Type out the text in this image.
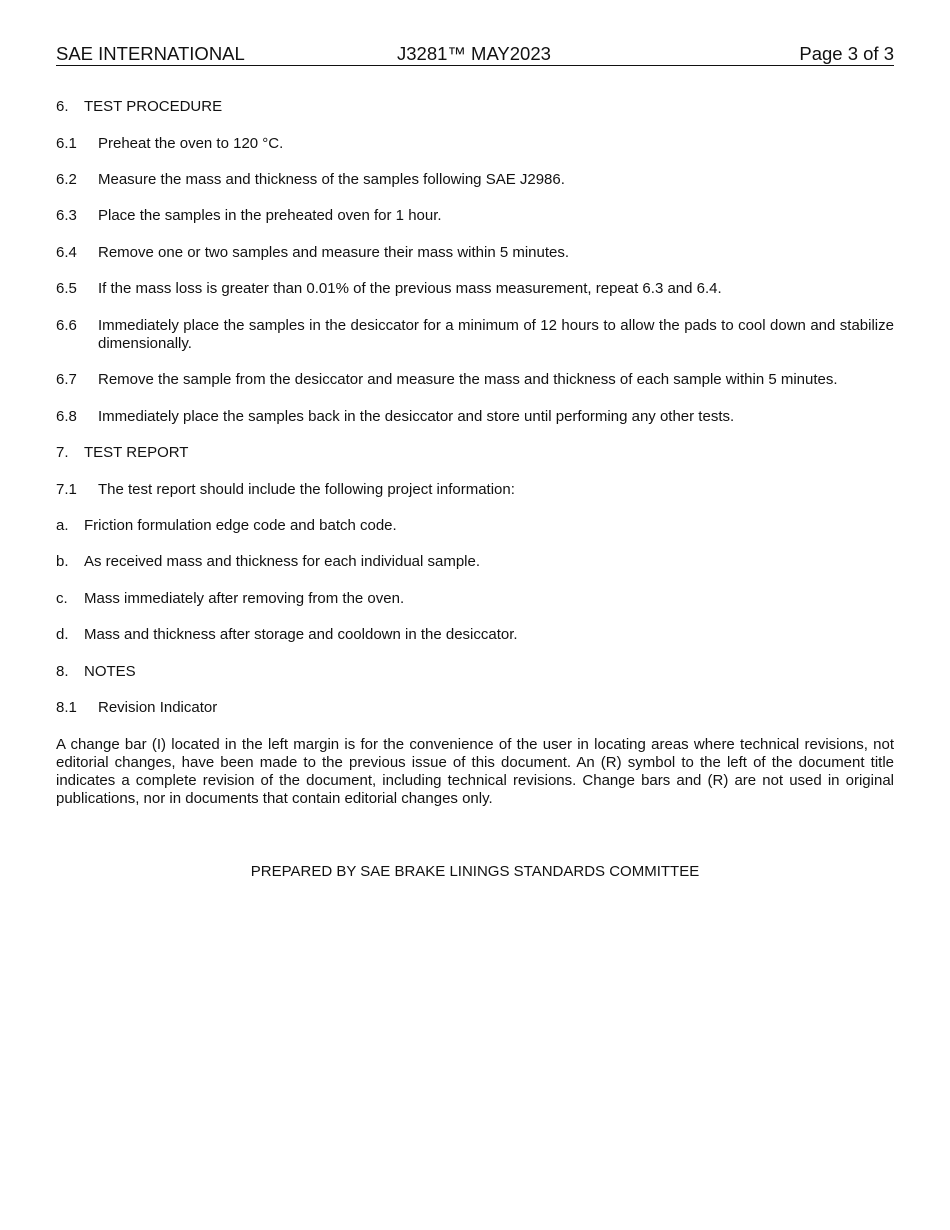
SAE INTERNATIONAL	J3281™ MAY2023	Page 3 of 3
6. TEST PROCEDURE
6.1 Preheat the oven to 120 °C.
6.2 Measure the mass and thickness of the samples following SAE J2986.
6.3 Place the samples in the preheated oven for 1 hour.
6.4 Remove one or two samples and measure their mass within 5 minutes.
6.5 If the mass loss is greater than 0.01% of the previous mass measurement, repeat 6.3 and 6.4.
6.6 Immediately place the samples in the desiccator for a minimum of 12 hours to allow the pads to cool down and stabilize dimensionally.
6.7 Remove the sample from the desiccator and measure the mass and thickness of each sample within 5 minutes.
6.8 Immediately place the samples back in the desiccator and store until performing any other tests.
7. TEST REPORT
7.1 The test report should include the following project information:
a. Friction formulation edge code and batch code.
b. As received mass and thickness for each individual sample.
c. Mass immediately after removing from the oven.
d. Mass and thickness after storage and cooldown in the desiccator.
8. NOTES
8.1 Revision Indicator
A change bar (I) located in the left margin is for the convenience of the user in locating areas where technical revisions, not editorial changes, have been made to the previous issue of this document. An (R) symbol to the left of the document title indicates a complete revision of the document, including technical revisions. Change bars and (R) are not used in original publications, nor in documents that contain editorial changes only.
PREPARED BY SAE BRAKE LININGS STANDARDS COMMITTEE
